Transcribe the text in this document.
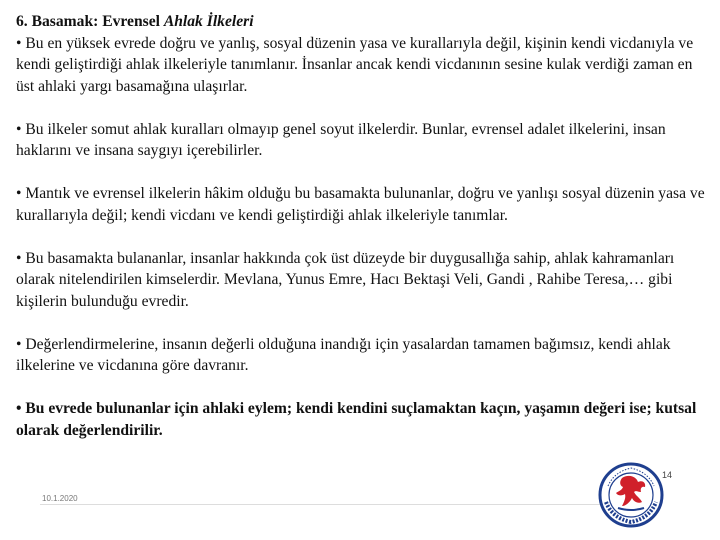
6. Basamak: Evrensel Ahlak İlkeleri

• Bu en yüksek evrede doğru ve yanlış, sosyal düzenin yasa ve kurallarıyla değil, kişinin kendi vicdanıyla ve kendi geliştirdiği ahlak ilkeleriyle tanımlanır. İnsanlar ancak kendi vicdanının sesine kulak verdiği zaman en üst ahlaki yargı basamağına ulaşırlar.

• Bu ilkeler somut ahlak kuralları olmayıp genel soyut ilkelerdir. Bunlar, evrensel adalet ilkelerini, insan haklarını ve insana saygıyı içerebilirler.

• Mantık ve evrensel ilkelerin hâkim olduğu bu basamakta bulunanlar, doğru ve yanlışı sosyal düzenin yasa ve kurallarıyla değil; kendi vicdanı ve kendi geliştirdiği ahlak ilkeleriyle tanımlar.

• Bu basamakta bulananlar, insanlar hakkında çok üst düzeyde bir duygusallığa sahip, ahlak kahramanları olarak nitelendirilen kimselerdir. Mevlana, Yunus Emre, Hacı Bektaşi Veli, Gandi , Rahibe Teresa,… gibi kişilerin bulunduğu evredir.

• Değerlendirmelerine, insanın değerli olduğuna inandığı için yasalardan tamamen bağımsız, kendi ahlak ilkelerine ve vicdanına göre davranır.

• Bu evrede bulunanlar için ahlaki eylem; kendi kendini suçlamaktan kaçın, yaşamın değeri ise; kutsal olarak değerlendirilir.

10.1.2020
14
